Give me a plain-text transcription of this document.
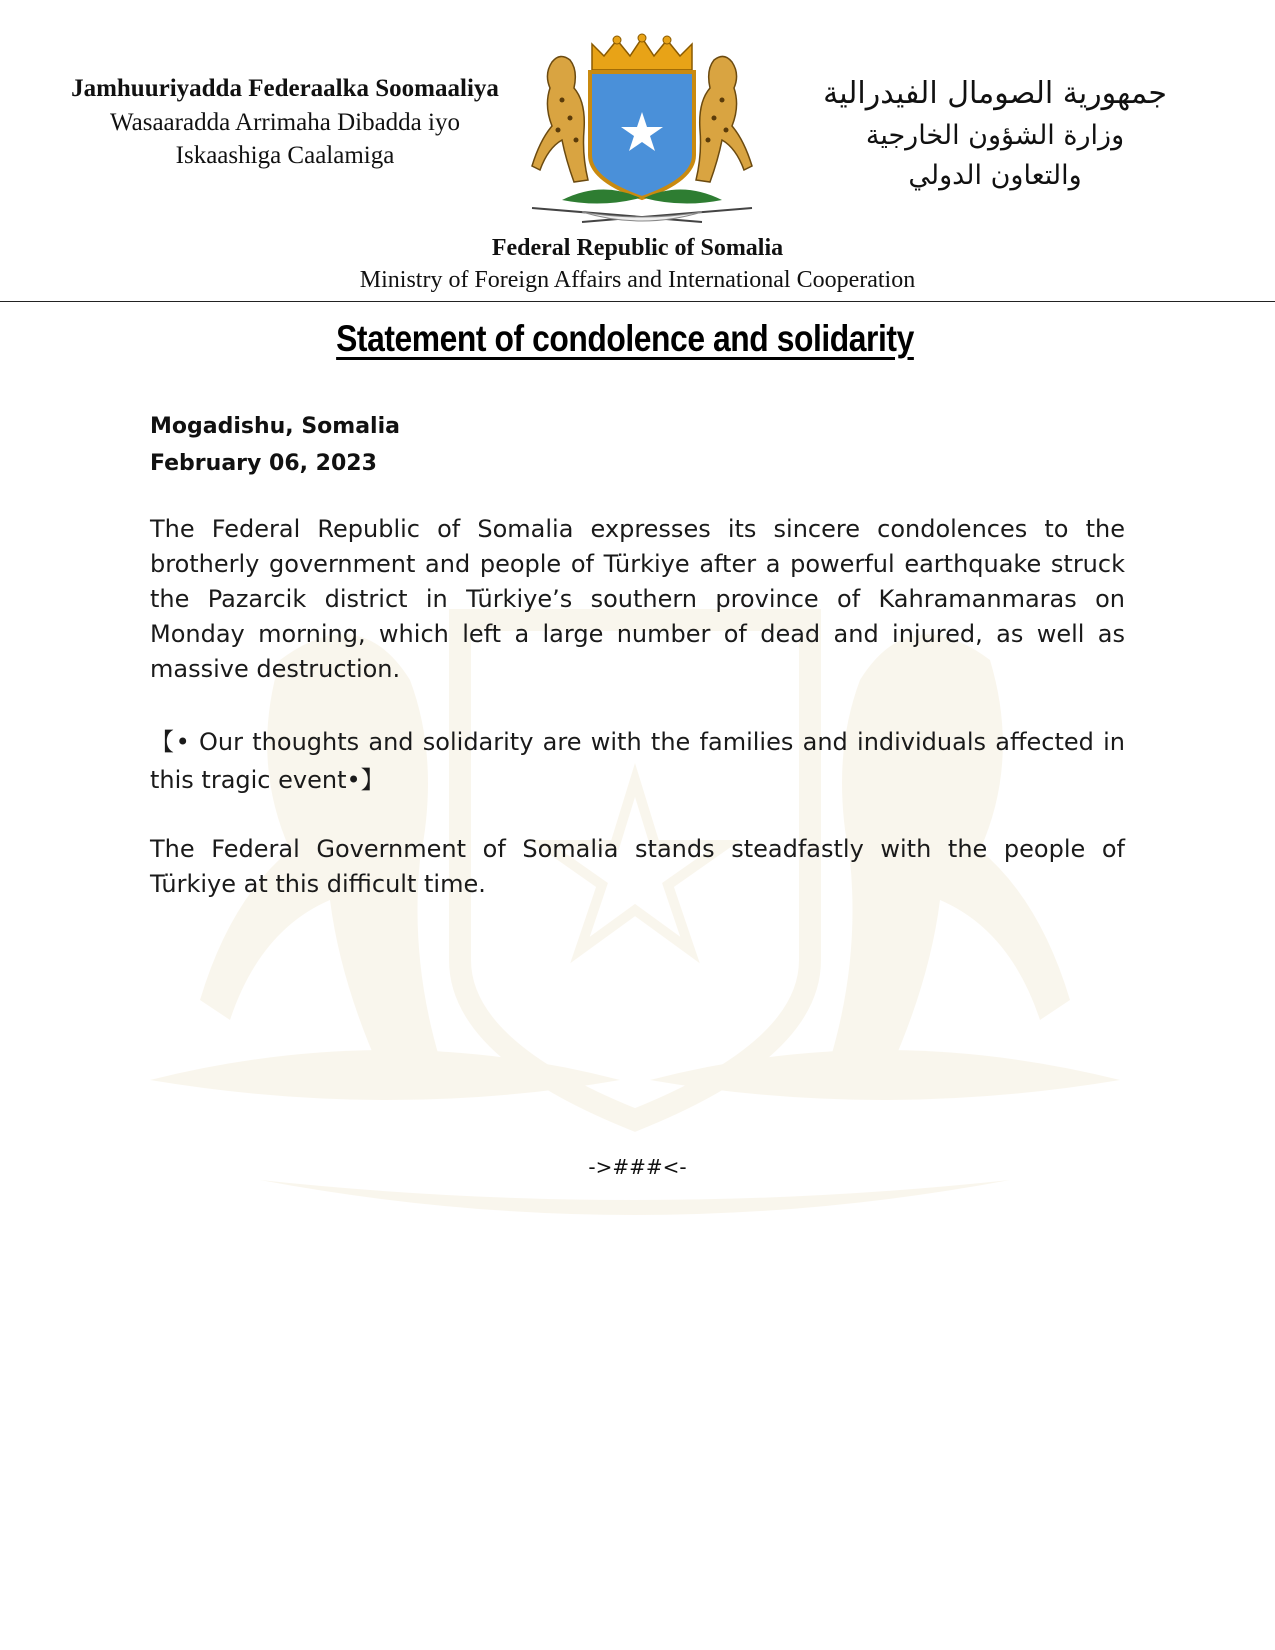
Jamhuuriyadda Federaalka Soomaaliya
Wasaaradda Arrimaha Dibadda iyo
Iskaashiga Caalamiga
جمهورية الصومال الفيدرالية
وزارة الشؤون الخارجية
والتعاون الدولي
Federal Republic of Somalia
Ministry of Foreign Affairs and International Cooperation
Statement of condolence and solidarity
Mogadishu, Somalia
February 06, 2023
The Federal Republic of Somalia expresses its sincere condolences to the brotherly government and people of Türkiye after a powerful earthquake struck the Pazarcik district in Türkiye’s southern province of Kahramanmaras on Monday morning, which left a large number of dead and injured, as well as massive destruction.
【• Our thoughts and solidarity are with the families and individuals affected in this tragic event•】
The Federal Government of Somalia stands steadfastly with the people of Türkiye at this difficult time.
->###<-
